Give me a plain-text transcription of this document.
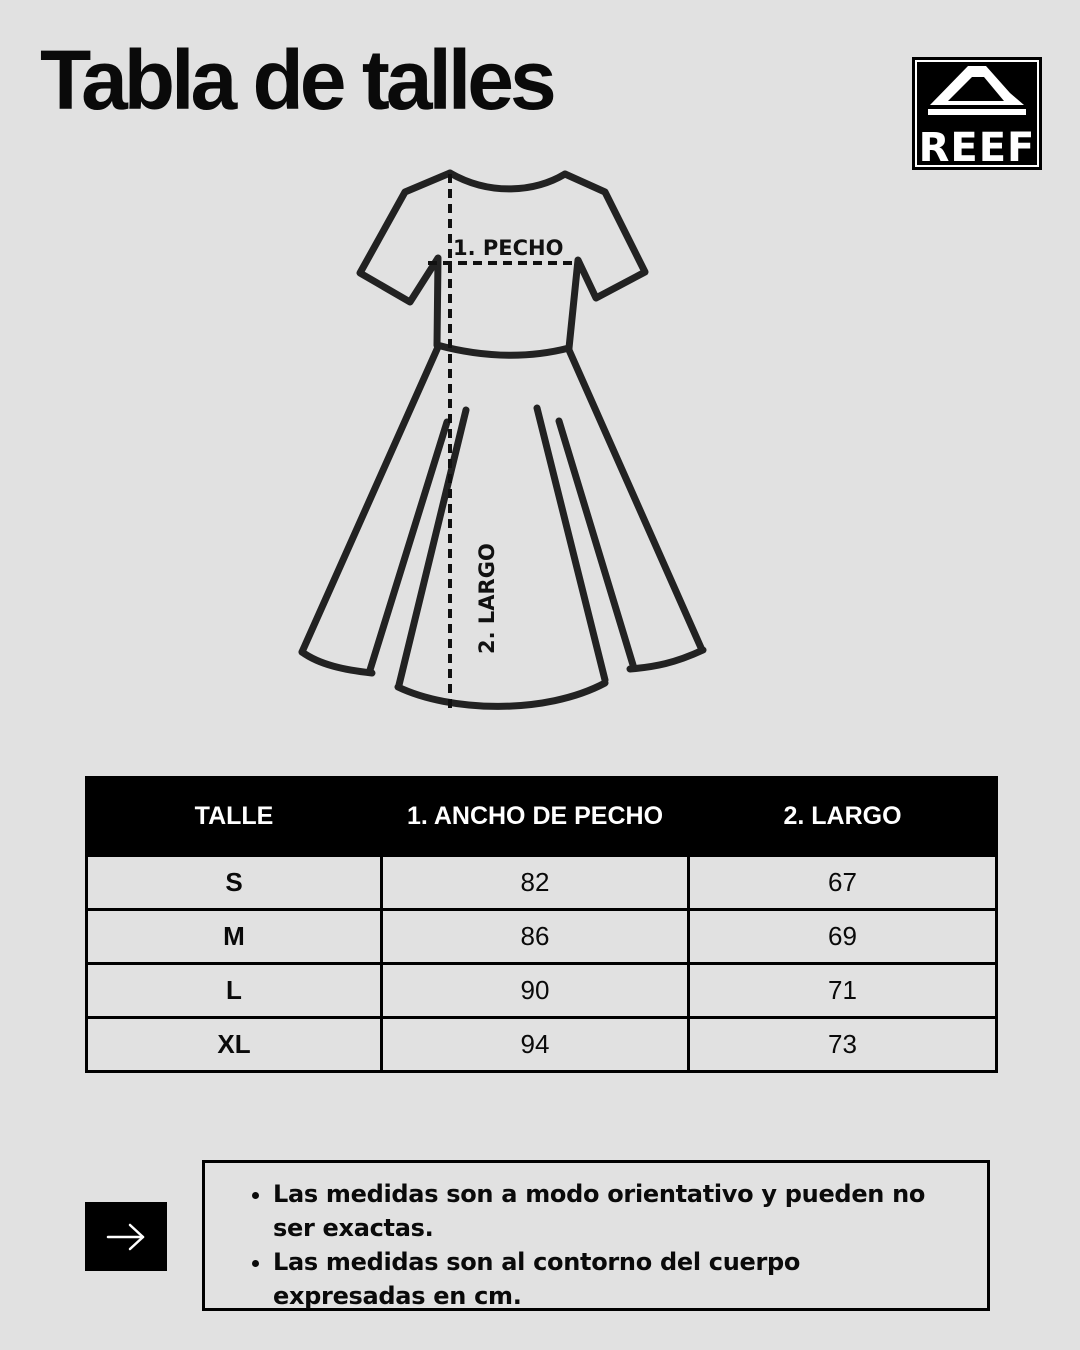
Tabla de talles
REEF
1. PECHO
2. LARGO
TALLE	1. ANCHO DE PECHO	2. LARGO
S	82	67
M	86	69
L	90	71
XL	94	73
• Las medidas son a modo orientativo y pueden no ser exactas.
• Las medidas son al contorno del cuerpo expresadas en cm.
